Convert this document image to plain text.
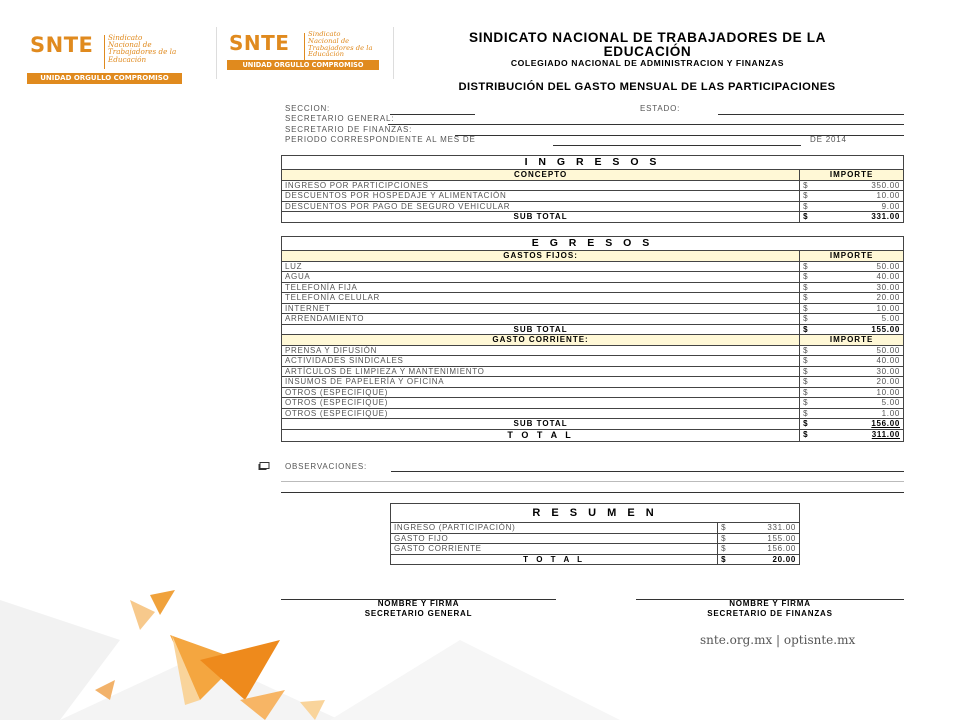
SNTE Sindicato
Nacional de
Trabajadores de la
Educación
UNIDAD ORGULLO COMPROMISO
SNTE	Sindicato
Nacional de
Trabajadores de la
Educación
UNIDAD ORGULLO COMPROMISO
SINDICATO NACIONAL DE TRABAJADORES DE LA
EDUCACIÓN
COLEGIADO NACIONAL DE ADMINISTRACION Y FINANZAS
DISTRIBUCIÓN DEL GASTO MENSUAL DE LAS PARTICIPACIONES
SECCION:	ESTADO:
SECRETARIO GENERAL:
SECRETARIO DE FINANZAS:
PERIODO CORRESPONDIENTE AL MES DE	DE 2014
I N G R E S O S	
CONCEPTO	IMPORTE
INGRESO POR PARTICIPCIONES	$ 350.00

DESCUENTOS POR HOSPEDAJE Y ALIMENTACIÓN	$ 10.00

DESCUENTOS POR PAGO DE SEGURO VEHICULAR	$ 9.00

SUB TOTAL	$ 331.00
E G R E S O S	
GASTOS FIJOS:	IMPORTE
LUZ	$ 50.00

AGUA	$ 40.00

TELEFONÍA FIJA	$ 30.00

TELEFONÍA CELULAR	$ 20.00

INTERNET	$ 10.00

ARRENDAMIENTO	$ 5.00

SUB TOTAL	$ 155.00

GASTO CORRIENTE:	IMPORTE
PRENSA Y DIFUSIÓN	$ 50.00

ACTIVIDADES SINDICALES	$ 40.00

ARTÍCULOS DE LIMPIEZA Y MANTENIMIENTO	$ 30.00

INSUMOS DE PAPELERÍA Y OFICINA	$ 20.00

OTROS (ESPECIFIQUE)	$ 10.00

OTROS (ESPECIFIQUE)	$ 5.00

OTROS (ESPECIFIQUE)	$ 1.00

SUB TOTAL	$ 156.00

T O T A L	$ 311.00
OBSERVACIONES:
R E S U M E N	
INGRESO (PARTICIPACIÓN)	$ 331.00

GASTO FIJO	$ 155.00

GASTO CORRIENTE	$ 156.00

T O T A L	$ 20.00
NOMBRE Y FIRMA
SECRETARIO GENERAL
NOMBRE Y FIRMA
SECRETARIO DE FINANZAS
snte.org.mx | optisnte.mx
